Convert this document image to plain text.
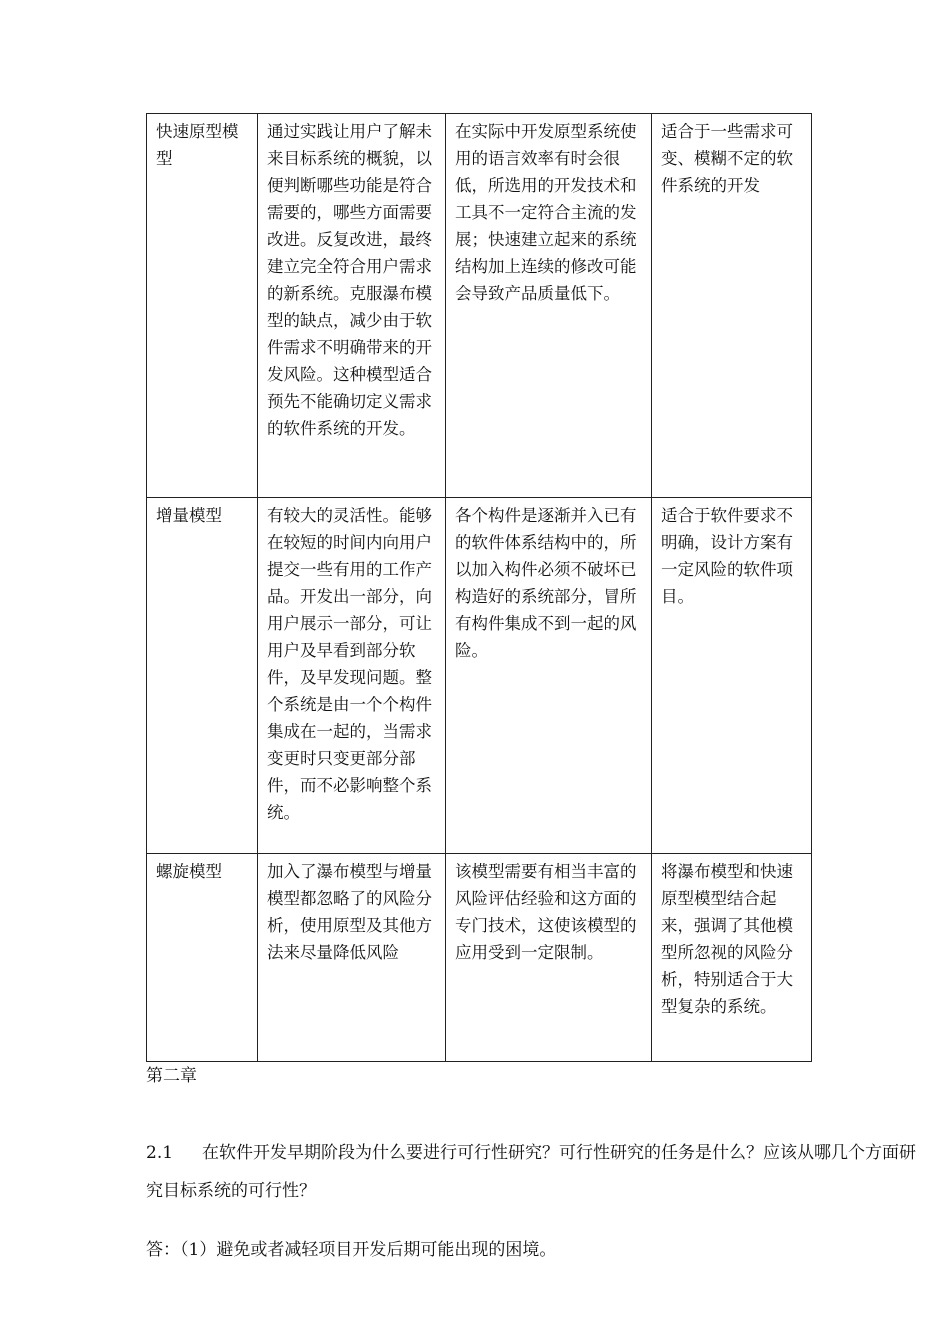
快速原型模型	通过实践让用户了解未来目标系统的概貌，以便判断哪些功能是符合需要的，哪些方面需要改进。反复改进，最终建立完全符合用户需求的新系统。克服瀑布模型的缺点，减少由于软件需求不明确带来的开发风险。这种模型适合预先不能确切定义需求的软件系统的开发。	在实际中开发原型系统使用的语言效率有时会很低，所选用的开发技术和工具不一定符合主流的发展；快速建立起来的系统结构加上连续的修改可能会导致产品质量低下。	适合于一些需求可变、模糊不定的软件系统的开发
增量模型	有较大的灵活性。能够在较短的时间内向用户提交一些有用的工作产品。开发出一部分，向用户展示一部分，可让用户及早看到部分软件，及早发现问题。整个系统是由一个个构件集成在一起的，当需求变更时只变更部分部件，而不必影响整个系统。	各个构件是逐渐并入已有的软件体系结构中的，所以加入构件必须不破坏已构造好的系统部分，冒所有构件集成不到一起的风险。	适合于软件要求不明确，设计方案有一定风险的软件项目。
螺旋模型	加入了瀑布模型与增量模型都忽略了的风险分析，使用原型及其他方法来尽量降低风险	该模型需要有相当丰富的风险评估经验和这方面的专门技术，这使该模型的应用受到一定限制。	将瀑布模型和快速原型模型结合起来，强调了其他模型所忽视的风险分析，特别适合于大型复杂的系统。
第二章
2.1 在软件开发早期阶段为什么要进行可行性研究？可行性研究的任务是什么？应该从哪几个方面研究目标系统的可行性？
答：（1）避免或者减轻项目开发后期可能出现的困境。
